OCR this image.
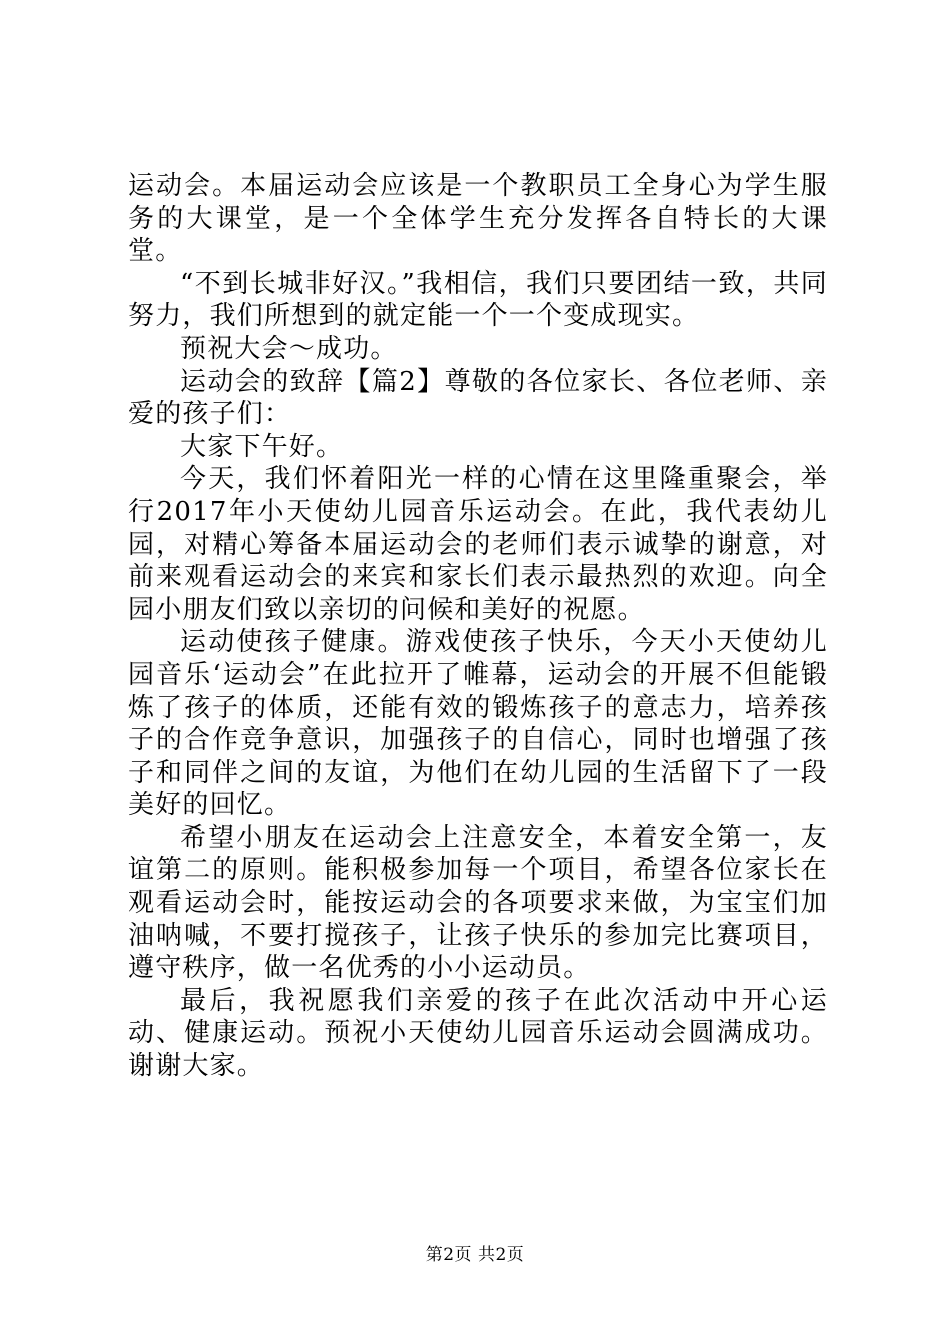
运动会。本届运动会应该是一个教职员工全身心为学生服务的大课堂，是一个全体学生充分发挥各自特长的大课堂。

“不到长城非好汉。”我相信，我们只要团结一致，共同努力，我们所想到的就定能一个一个变成现实。

预祝大会～成功。

运动会的致辞【篇2】尊敬的各位家长、各位老师、亲爱的孩子们：

大家下午好。

今天，我们怀着阳光一样的心情在这里隆重聚会，举行2017年小天使幼儿园音乐运动会。在此，我代表幼儿园，对精心筹备本届运动会的老师们表示诚挚的谢意，对前来观看运动会的来宾和家长们表示最热烈的欢迎。向全园小朋友们致以亲切的问候和美好的祝愿。

运动使孩子健康。游戏使孩子快乐，今天小天使幼儿园音乐‘运动会”在此拉开了帷幕，运动会的开展不但能锻炼了孩子的体质，还能有效的锻炼孩子的意志力，培养孩子的合作竞争意识，加强孩子的自信心，同时也增强了孩子和同伴之间的友谊，为他们在幼儿园的生活留下了一段美好的回忆。

希望小朋友在运动会上注意安全，本着安全第一，友谊第二的原则。能积极参加每一个项目，希望各位家长在观看运动会时，能按运动会的各项要求来做，为宝宝们加油呐喊，不要打搅孩子，让孩子快乐的参加完比赛项目，遵守秩序，做一名优秀的小小运动员。

最后，我祝愿我们亲爱的孩子在此次活动中开心运动、健康运动。预祝小天使幼儿园音乐运动会圆满成功。谢谢大家。

第2页 共2页
